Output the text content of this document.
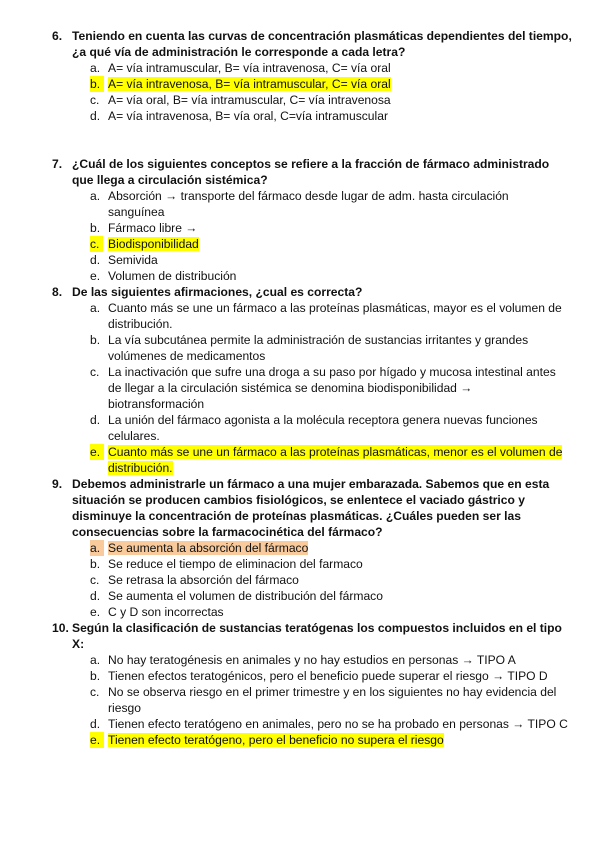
6. Teniendo en cuenta las curvas de concentración plasmáticas dependientes del tiempo, ¿a qué vía de administración le corresponde a cada letra?
a. A= vía intramuscular, B= vía intravenosa, C= vía oral
b. A= vía intravenosa, B= vía intramuscular, C= vía oral
c. A= vía oral, B= vía intramuscular, C= vía intravenosa
d. A= vía intravenosa, B= vía oral, C=vía intramuscular
7. ¿Cuál de los siguientes conceptos se refiere a la fracción de fármaco administrado que llega a circulación sistémica?
a. Absorción → transporte del fármaco desde lugar de adm. hasta circulación sanguínea
b. Fármaco libre →
c. Biodisponibilidad
d. Semivida
e. Volumen de distribución
8. De las siguientes afirmaciones, ¿cual es correcta?
a. Cuanto más se une un fármaco a las proteínas plasmáticas, mayor es el volumen de distribución.
b. La vía subcutánea permite la administración de sustancias irritantes y grandes volúmenes de medicamentos
c. La inactivación que sufre una droga a su paso por hígado y mucosa intestinal antes de llegar a la circulación sistémica se denomina biodisponibilidad → biotransformación
d. La unión del fármaco agonista a la molécula receptora genera nuevas funciones celulares.
e. Cuanto más se une un fármaco a las proteínas plasmáticas, menor es el volumen de distribución.
9. Debemos administrarle un fármaco a una mujer embarazada. Sabemos que en esta situación se producen cambios fisiológicos, se enlentece el vaciado gástrico y disminuye la concentración de proteínas plasmáticas. ¿Cuáles pueden ser las consecuencias sobre la farmacocinética del fármaco?
a. Se aumenta la absorción del fármaco
b. Se reduce el tiempo de eliminacion del farmaco
c. Se retrasa la absorción del fármaco
d. Se aumenta el volumen de distribución del fármaco
e. C y D son incorrectas
10. Según la clasificación de sustancias teratógenas los compuestos incluidos en el tipo X:
a. No hay teratogénesis en animales y no hay estudios en personas → TIPO A
b. Tienen efectos teratogénicos, pero el beneficio puede superar el riesgo → TIPO D
c. No se observa riesgo en el primer trimestre y en los siguientes no hay evidencia del riesgo
d. Tienen efecto teratógeno en animales, pero no se ha probado en personas → TIPO C
e. Tienen efecto teratógeno, pero el beneficio no supera el riesgo
